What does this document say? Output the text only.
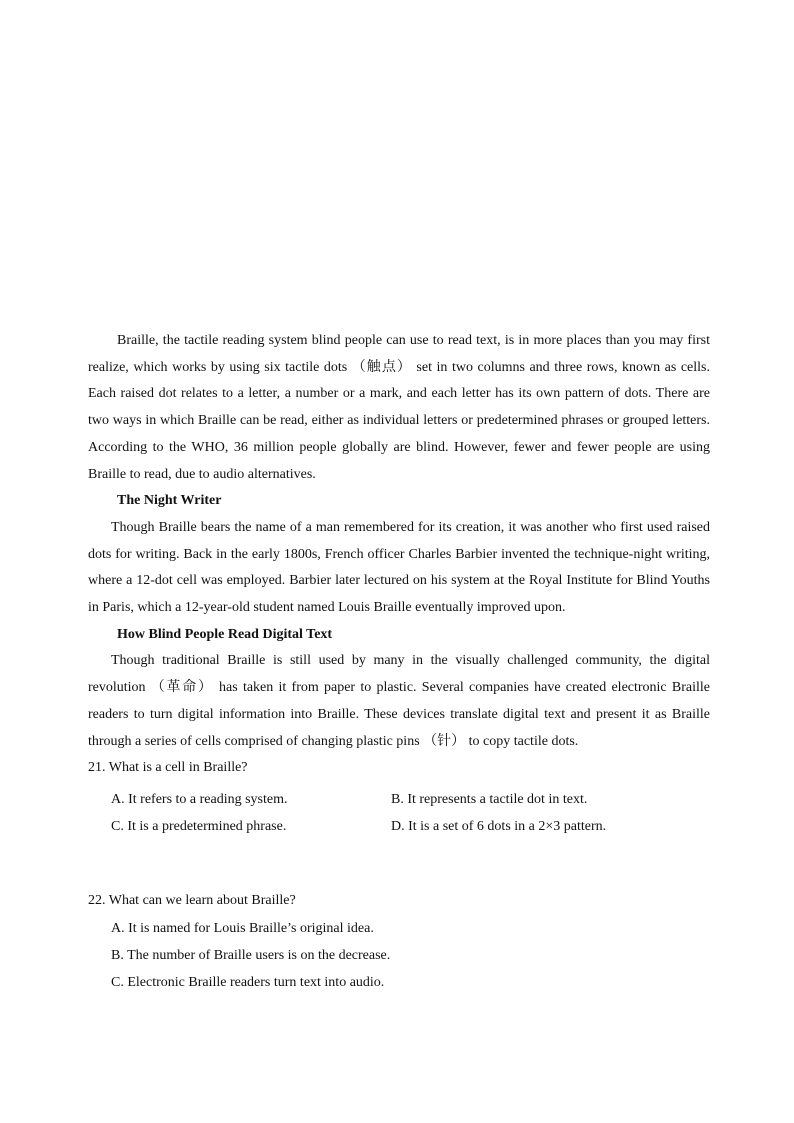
Braille, the tactile reading system blind people can use to read text, is in more places than you may first realize, which works by using six tactile dots （触点） set in two columns and three rows, known as cells. Each raised dot relates to a letter, a number or a mark, and each letter has its own pattern of dots. There are two ways in which Braille can be read, either as individual letters or predetermined phrases or grouped letters. According to the WHO, 36 million people globally are blind. However, fewer and fewer people are using Braille to read, due to audio alternatives.

The Night Writer

Though Braille bears the name of a man remembered for its creation, it was another who first used raised dots for writing. Back in the early 1800s, French officer Charles Barbier invented the technique-night writing, where a 12-dot cell was employed. Barbier later lectured on his system at the Royal Institute for Blind Youths in Paris, which a 12-year-old student named Louis Braille eventually improved upon.

How Blind People Read Digital Text

Though traditional Braille is still used by many in the visually challenged community, the digital revolution （革命） has taken it from paper to plastic. Several companies have created electronic Braille readers to turn digital information into Braille. These devices translate digital text and present it as Braille through a series of cells comprised of changing plastic pins （针） to copy tactile dots.

21. What is a cell in Braille?

A. It refers to a reading system.	B. It represents a tactile dot in text.
C. It is a predetermined phrase.	D. It is a set of 6 dots in a 2×3 pattern.

22. What can we learn about Braille?

A. It is named for Louis Braille’s original idea.
B. The number of Braille users is on the decrease.
C. Electronic Braille readers turn text into audio.
